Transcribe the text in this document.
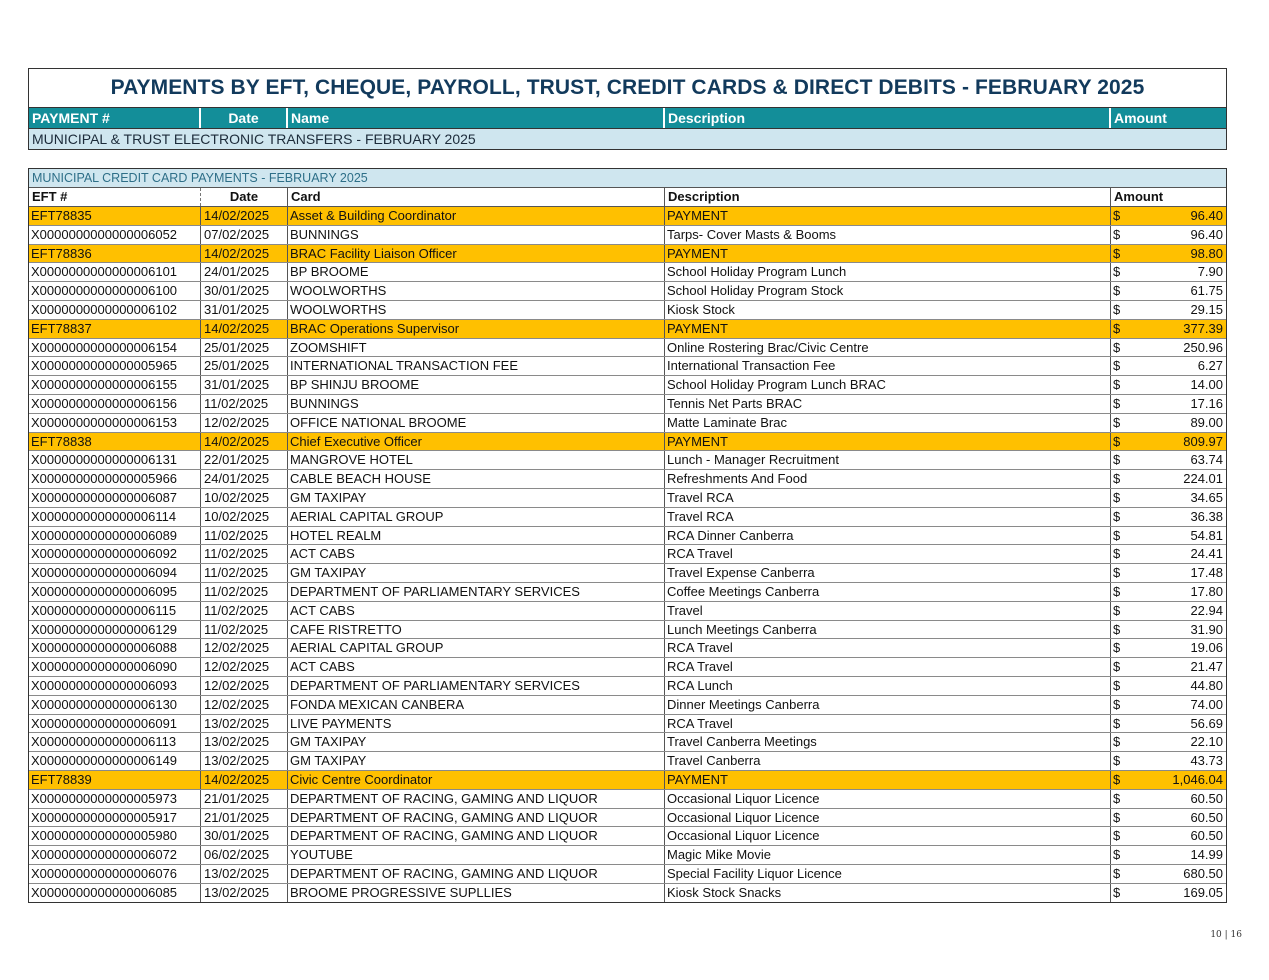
PAYMENTS BY EFT, CHEQUE, PAYROLL, TRUST, CREDIT CARDS & DIRECT DEBITS - FEBRUARY 2025
PAYMENT #	Date	Name	Description	Amount
MUNICIPAL & TRUST ELECTRONIC TRANSFERS - FEBRUARY 2025
MUNICIPAL CREDIT CARD PAYMENTS - FEBRUARY 2025
EFT #	Date	Card	Description	Amount
EFT78835	14/02/2025	Asset & Building Coordinator	PAYMENT	$	96.40
X0000000000000006052	07/02/2025	BUNNINGS	Tarps- Cover Masts & Booms	$	96.40
EFT78836	14/02/2025	BRAC Facility Liaison Officer	PAYMENT	$	98.80
X0000000000000006101	24/01/2025	BP BROOME	School Holiday Program Lunch	$	7.90
X0000000000000006100	30/01/2025	WOOLWORTHS	School Holiday Program Stock	$	61.75
X0000000000000006102	31/01/2025	WOOLWORTHS	Kiosk Stock	$	29.15
EFT78837	14/02/2025	BRAC Operations Supervisor	PAYMENT	$	377.39
X0000000000000006154	25/01/2025	ZOOMSHIFT	Online Rostering Brac/Civic Centre	$	250.96
X0000000000000005965	25/01/2025	INTERNATIONAL TRANSACTION FEE	International Transaction Fee	$	6.27
X0000000000000006155	31/01/2025	BP SHINJU BROOME	School Holiday Program Lunch BRAC	$	14.00
X0000000000000006156	11/02/2025	BUNNINGS	Tennis Net Parts BRAC	$	17.16
X0000000000000006153	12/02/2025	OFFICE NATIONAL BROOME	Matte Laminate Brac	$	89.00
EFT78838	14/02/2025	Chief Executive Officer	PAYMENT	$	809.97
X0000000000000006131	22/01/2025	MANGROVE HOTEL	Lunch - Manager Recruitment	$	63.74
X0000000000000005966	24/01/2025	CABLE BEACH HOUSE	Refreshments And Food	$	224.01
X0000000000000006087	10/02/2025	GM TAXIPAY	Travel RCA	$	34.65
X0000000000000006114	10/02/2025	AERIAL CAPITAL GROUP	Travel RCA	$	36.38
X0000000000000006089	11/02/2025	HOTEL REALM	RCA Dinner Canberra	$	54.81
X0000000000000006092	11/02/2025	ACT CABS	RCA Travel	$	24.41
X0000000000000006094	11/02/2025	GM TAXIPAY	Travel Expense Canberra	$	17.48
X0000000000000006095	11/02/2025	DEPARTMENT OF PARLIAMENTARY SERVICES	Coffee Meetings Canberra	$	17.80
X0000000000000006115	11/02/2025	ACT CABS	Travel	$	22.94
X0000000000000006129	11/02/2025	CAFE RISTRETTO	Lunch Meetings Canberra	$	31.90
X0000000000000006088	12/02/2025	AERIAL CAPITAL GROUP	RCA Travel	$	19.06
X0000000000000006090	12/02/2025	ACT CABS	RCA Travel	$	21.47
X0000000000000006093	12/02/2025	DEPARTMENT OF PARLIAMENTARY SERVICES	RCA Lunch	$	44.80
X0000000000000006130	12/02/2025	FONDA MEXICAN CANBERA	Dinner Meetings Canberra	$	74.00
X0000000000000006091	13/02/2025	LIVE PAYMENTS	RCA Travel	$	56.69
X0000000000000006113	13/02/2025	GM TAXIPAY	Travel Canberra Meetings	$	22.10
X0000000000000006149	13/02/2025	GM TAXIPAY	Travel Canberra	$	43.73
EFT78839	14/02/2025	Civic Centre Coordinator	PAYMENT	$	1,046.04
X0000000000000005973	21/01/2025	DEPARTMENT OF RACING, GAMING AND LIQUOR	Occasional Liquor Licence	$	60.50
X0000000000000005917	21/01/2025	DEPARTMENT OF RACING, GAMING AND LIQUOR	Occasional Liquor Licence	$	60.50
X0000000000000005980	30/01/2025	DEPARTMENT OF RACING, GAMING AND LIQUOR	Occasional Liquor Licence	$	60.50
X0000000000000006072	06/02/2025	YOUTUBE	Magic Mike Movie	$	14.99
X0000000000000006076	13/02/2025	DEPARTMENT OF RACING, GAMING AND LIQUOR	Special Facility Liquor Licence	$	680.50
X0000000000000006085	13/02/2025	BROOME PROGRESSIVE SUPLLIES	Kiosk Stock Snacks	$	169.05
10 | 16
